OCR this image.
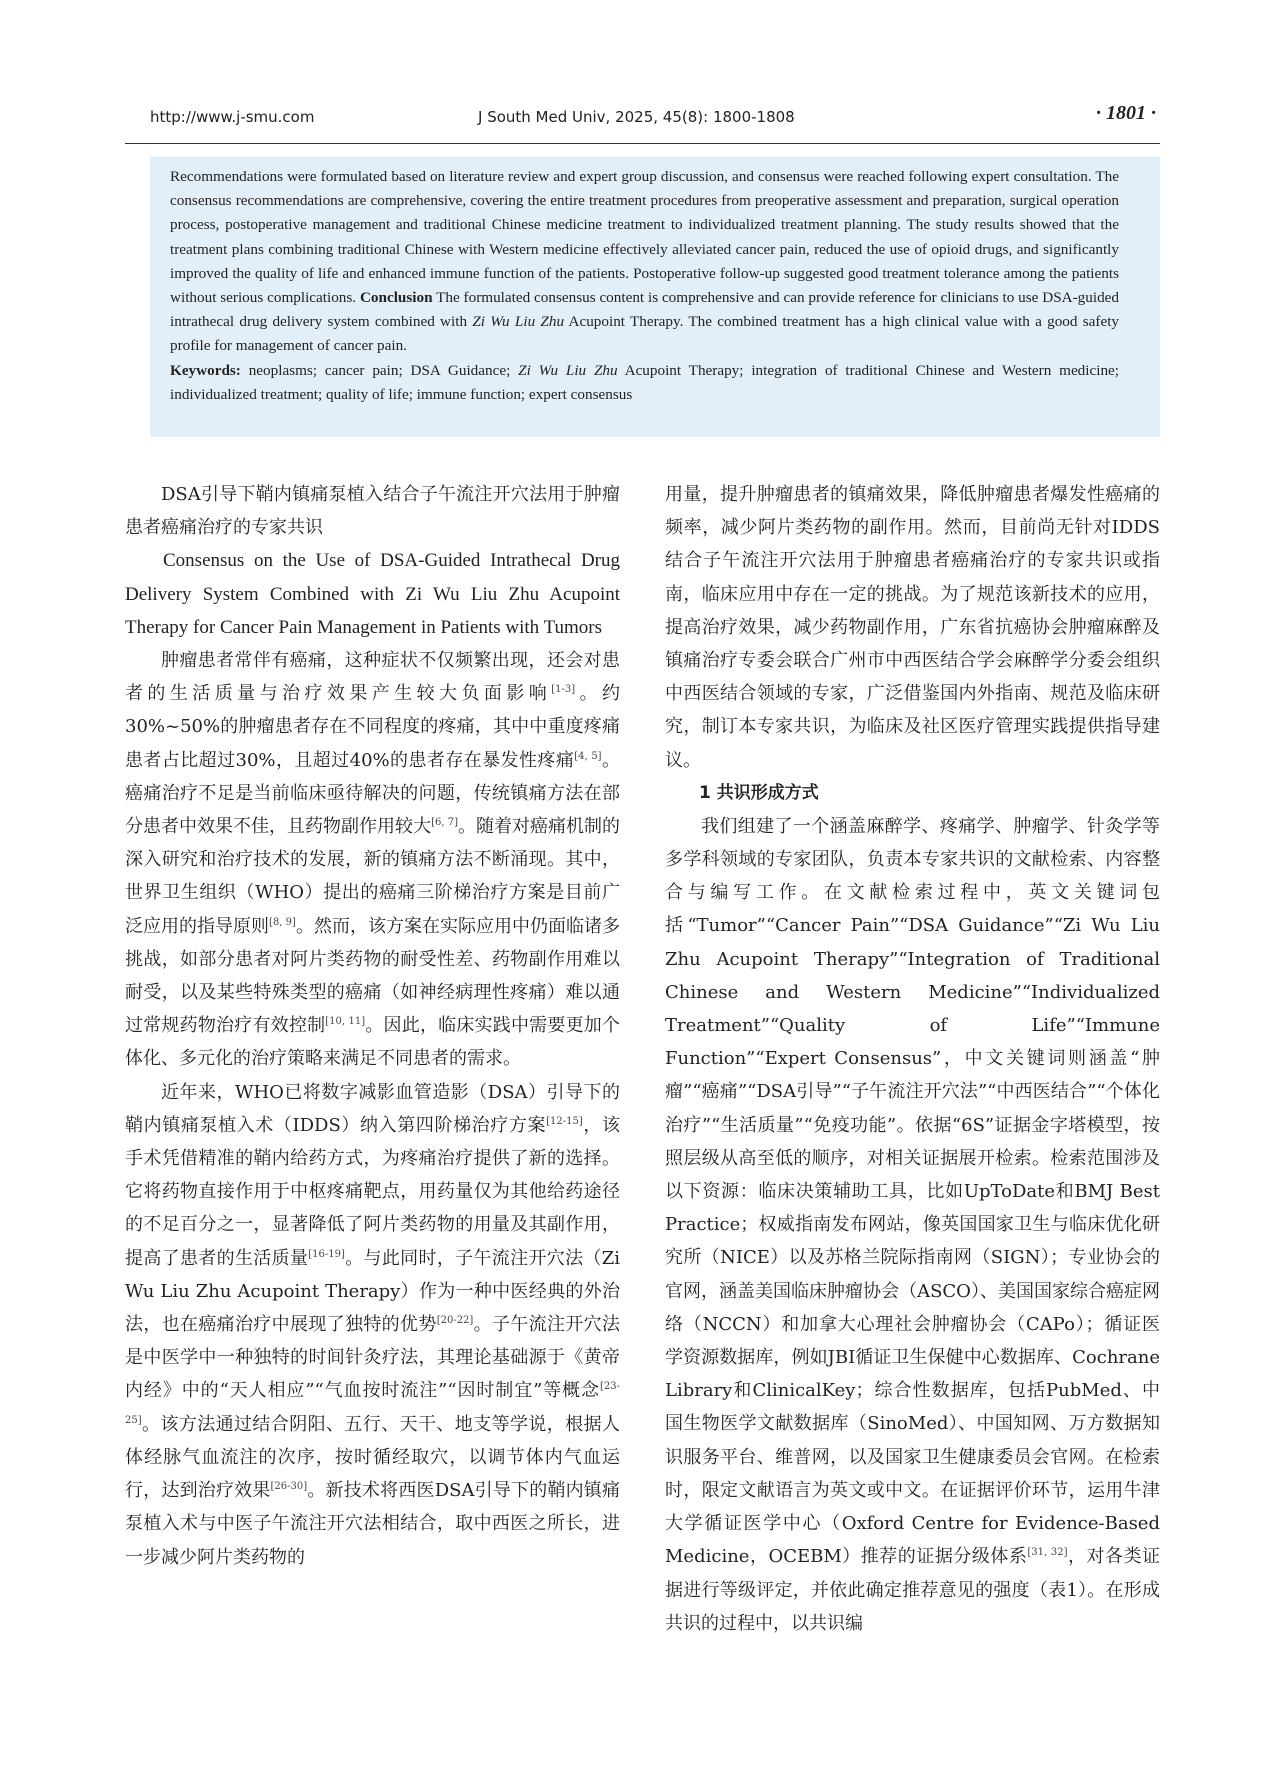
http://www.j-smu.com	J South Med Univ, 2025, 45(8): 1800-1808	· 1801 ·
Recommendations were formulated based on literature review and expert group discussion, and consensus were reached following expert consultation. The consensus recommendations are comprehensive, covering the entire treatment procedures from preoperative assessment and preparation, surgical operation process, postoperative management and traditional Chinese medicine treatment to individualized treatment planning. The study results showed that the treatment plans combining traditional Chinese with Western medicine effectively alleviated cancer pain, reduced the use of opioid drugs, and significantly improved the quality of life and enhanced immune function of the patients. Postoperative follow-up suggested good treatment tolerance among the patients without serious complications. Conclusion The formulated consensus content is comprehensive and can provide reference for clinicians to use DSA-guided intrathecal drug delivery system combined with Zi Wu Liu Zhu Acupoint Therapy. The combined treatment has a high clinical value with a good safety profile for management of cancer pain.
Keywords: neoplasms; cancer pain; DSA Guidance; Zi Wu Liu Zhu Acupoint Therapy; integration of traditional Chinese and Western medicine; individualized treatment; quality of life; immune function; expert consensus

DSA引导下鞘内镇痛泵植入结合子午流注开穴法用于肿瘤患者癌痛治疗的专家共识

Consensus on the Use of DSA-Guided Intrathecal Drug Delivery System Combined with Zi Wu Liu Zhu Acupoint Therapy for Cancer Pain Management in Patients with Tumors

肿瘤患者常伴有癌痛，这种症状不仅频繁出现，还会对患者的生活质量与治疗效果产生较大负面影响[1-3]。约30%~50%的肿瘤患者存在不同程度的疼痛，其中中重度疼痛患者占比超过30%，且超过40%的患者存在暴发性疼痛[4, 5]。癌痛治疗不足是当前临床亟待解决的问题，传统镇痛方法在部分患者中效果不佳，且药物副作用较大[6, 7]。随着对癌痛机制的深入研究和治疗技术的发展，新的镇痛方法不断涌现。其中，世界卫生组织（WHO）提出的癌痛三阶梯治疗方案是目前广泛应用的指导原则[8, 9]。然而，该方案在实际应用中仍面临诸多挑战，如部分患者对阿片类药物的耐受性差、药物副作用难以耐受，以及某些特殊类型的癌痛（如神经病理性疼痛）难以通过常规药物治疗有效控制[10, 11]。因此，临床实践中需要更加个体化、多元化的治疗策略来满足不同患者的需求。

近年来，WHO已将数字减影血管造影（DSA）引导下的鞘内镇痛泵植入术（IDDS）纳入第四阶梯治疗方案[12-15]，该手术凭借精准的鞘内给药方式，为疼痛治疗提供了新的选择。它将药物直接作用于中枢疼痛靶点，用药量仅为其他给药途径的不足百分之一，显著降低了阿片类药物的用量及其副作用，提高了患者的生活质量[16-19]。与此同时，子午流注开穴法（Zi Wu Liu Zhu Acupoint Therapy）作为一种中医经典的外治法，也在癌痛治疗中展现了独特的优势[20-22]。子午流注开穴法是中医学中一种独特的时间针灸疗法，其理论基础源于《黄帝内经》中的“天人相应”“气血按时流注”“因时制宜”等概念[23-25]。该方法通过结合阴阳、五行、天干、地支等学说，根据人体经脉气血流注的次序，按时循经取穴，以调节体内气血运行，达到治疗效果[26-30]。新技术将西医DSA引导下的鞘内镇痛泵植入术与中医子午流注开穴法相结合，取中西医之所长，进一步减少阿片类药物的

用量，提升肿瘤患者的镇痛效果，降低肿瘤患者爆发性癌痛的频率，减少阿片类药物的副作用。然而，目前尚无针对IDDS结合子午流注开穴法用于肿瘤患者癌痛治疗的专家共识或指南，临床应用中存在一定的挑战。为了规范该新技术的应用，提高治疗效果，减少药物副作用，广东省抗癌协会肿瘤麻醉及镇痛治疗专委会联合广州市中西医结合学会麻醉学分委会组织中西医结合领域的专家，广泛借鉴国内外指南、规范及临床研究，制订本专家共识，为临床及社区医疗管理实践提供指导建议。

1 共识形成方式

我们组建了一个涵盖麻醉学、疼痛学、肿瘤学、针灸学等多学科领域的专家团队，负责本专家共识的文献检索、内容整合与编写工作。在文献检索过程中，英文关键词包括“Tumor”“Cancer Pain”“DSA Guidance”“Zi Wu Liu Zhu Acupoint Therapy”“Integration of Traditional Chinese and Western Medicine”“Individualized Treatment”“Quality of Life”“Immune Function”“Expert Consensus”，中文关键词则涵盖“肿瘤”“癌痛”“DSA引导”“子午流注开穴法”“中西医结合”“个体化治疗”“生活质量”“免疫功能”。依据“6S”证据金字塔模型，按照层级从高至低的顺序，对相关证据展开检索。检索范围涉及以下资源：临床决策辅助工具，比如UpToDate和BMJ Best Practice；权威指南发布网站，像英国国家卫生与临床优化研究所（NICE）以及苏格兰院际指南网（SIGN）；专业协会的官网，涵盖美国临床肿瘤协会（ASCO）、美国国家综合癌症网络（NCCN）和加拿大心理社会肿瘤协会（CAPo）；循证医学资源数据库，例如JBI循证卫生保健中心数据库、Cochrane Library和ClinicalKey；综合性数据库，包括PubMed、中国生物医学文献数据库（SinoMed）、中国知网、万方数据知识服务平台、维普网，以及国家卫生健康委员会官网。在检索时，限定文献语言为英文或中文。在证据评价环节，运用牛津大学循证医学中心（Oxford Centre for Evidence-Based Medicine，OCEBM）推荐的证据分级体系[31, 32]，对各类证据进行等级评定，并依此确定推荐意见的强度（表1）。在形成共识的过程中，以共识编
